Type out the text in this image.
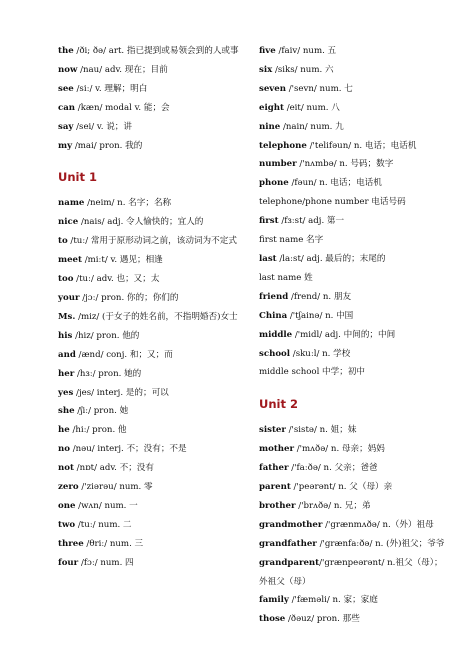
the /ði; ðə/ art. 指已提到或易领会到的人或事
now /nau/ adv. 现在；目前
see /siː/ v. 理解；明白
can /kæn/ modal v. 能；会
say /sei/ v. 说；讲
my /mai/ pron. 我的
Unit 1
name /neim/ n. 名字；名称
nice /nais/ adj. 令人愉快的；宜人的
to /tuː/ 常用于原形动词之前，该动词为不定式
meet /miːt/ v. 遇见；相逢
too /tuː/ adv. 也；又；太
your /jɔː/ pron. 你的；你们的
Ms. /miz/ (于女子的姓名前，不指明婚否)女士
his /hiz/ pron. 他的
and /ænd/ conj. 和；又；而
her /hɜː/ pron. 她的
yes /jes/ interj. 是的；可以
she /ʃiː/ pron. 她
he /hiː/ pron. 他
no /nəu/ interj. 不；没有；不是
not /nɒt/ adv. 不；没有
zero /'ziərəu/ num. 零
one /wʌn/ num. 一
two /tuː/ num. 二
three /θriː/ num. 三
four /fɔː/ num. 四
five /faiv/ num. 五
six /siks/ num. 六
seven /'sevn/ num. 七
eight /eit/ num. 八
nine /nain/ num. 九
telephone /'telifəun/ n. 电话；电话机
number /'nʌmbə/ n. 号码；数字
phone /fəun/ n. 电话；电话机
telephone/phone number 电话号码
first /fɜːst/ adj. 第一
first name 名字
last /laːst/ adj. 最后的；末尾的
last name 姓
friend /frend/ n. 朋友
China /'tʃainə/ n. 中国
middle /'midl/ adj. 中间的；中间
school /skuːl/ n. 学校
middle school 中学；初中
Unit 2
sister /'sistə/ n. 姐；妹
mother /'mʌðə/ n. 母亲；妈妈
father /'faːðə/ n. 父亲；爸爸
parent /'peərənt/ n. 父（母）亲
brother /'brʌðə/ n. 兄；弟
grandmother /'grænmʌðə/ n.（外）祖母
grandfather /'grænfaːðə/ n. (外)祖父；爷爷
grandparent/'grænpeərənt/ n.祖父（母）；外祖父（母）
family /'fæməli/ n. 家；家庭
those /ðəuz/ pron. 那些
